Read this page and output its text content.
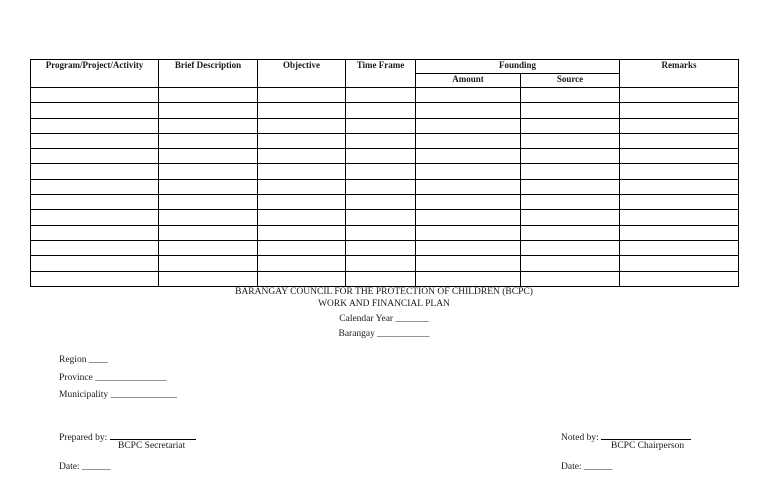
Program/Project/Activity	Brief Description	Objective	Time Frame	Founding		Remarks
				Amount	Source	

BARANGAY COUNCIL FOR THE PROTECTION OF CHILDREN (BCPC)
WORK AND FINANCIAL PLAN
Calendar Year _______
Barangay ___________
Region ____
Province _______________
Municipality ______________
Prepared by:
BCPC Secretariat
Date: ______
Noted by:
BCPC Chairperson
Date: ______
